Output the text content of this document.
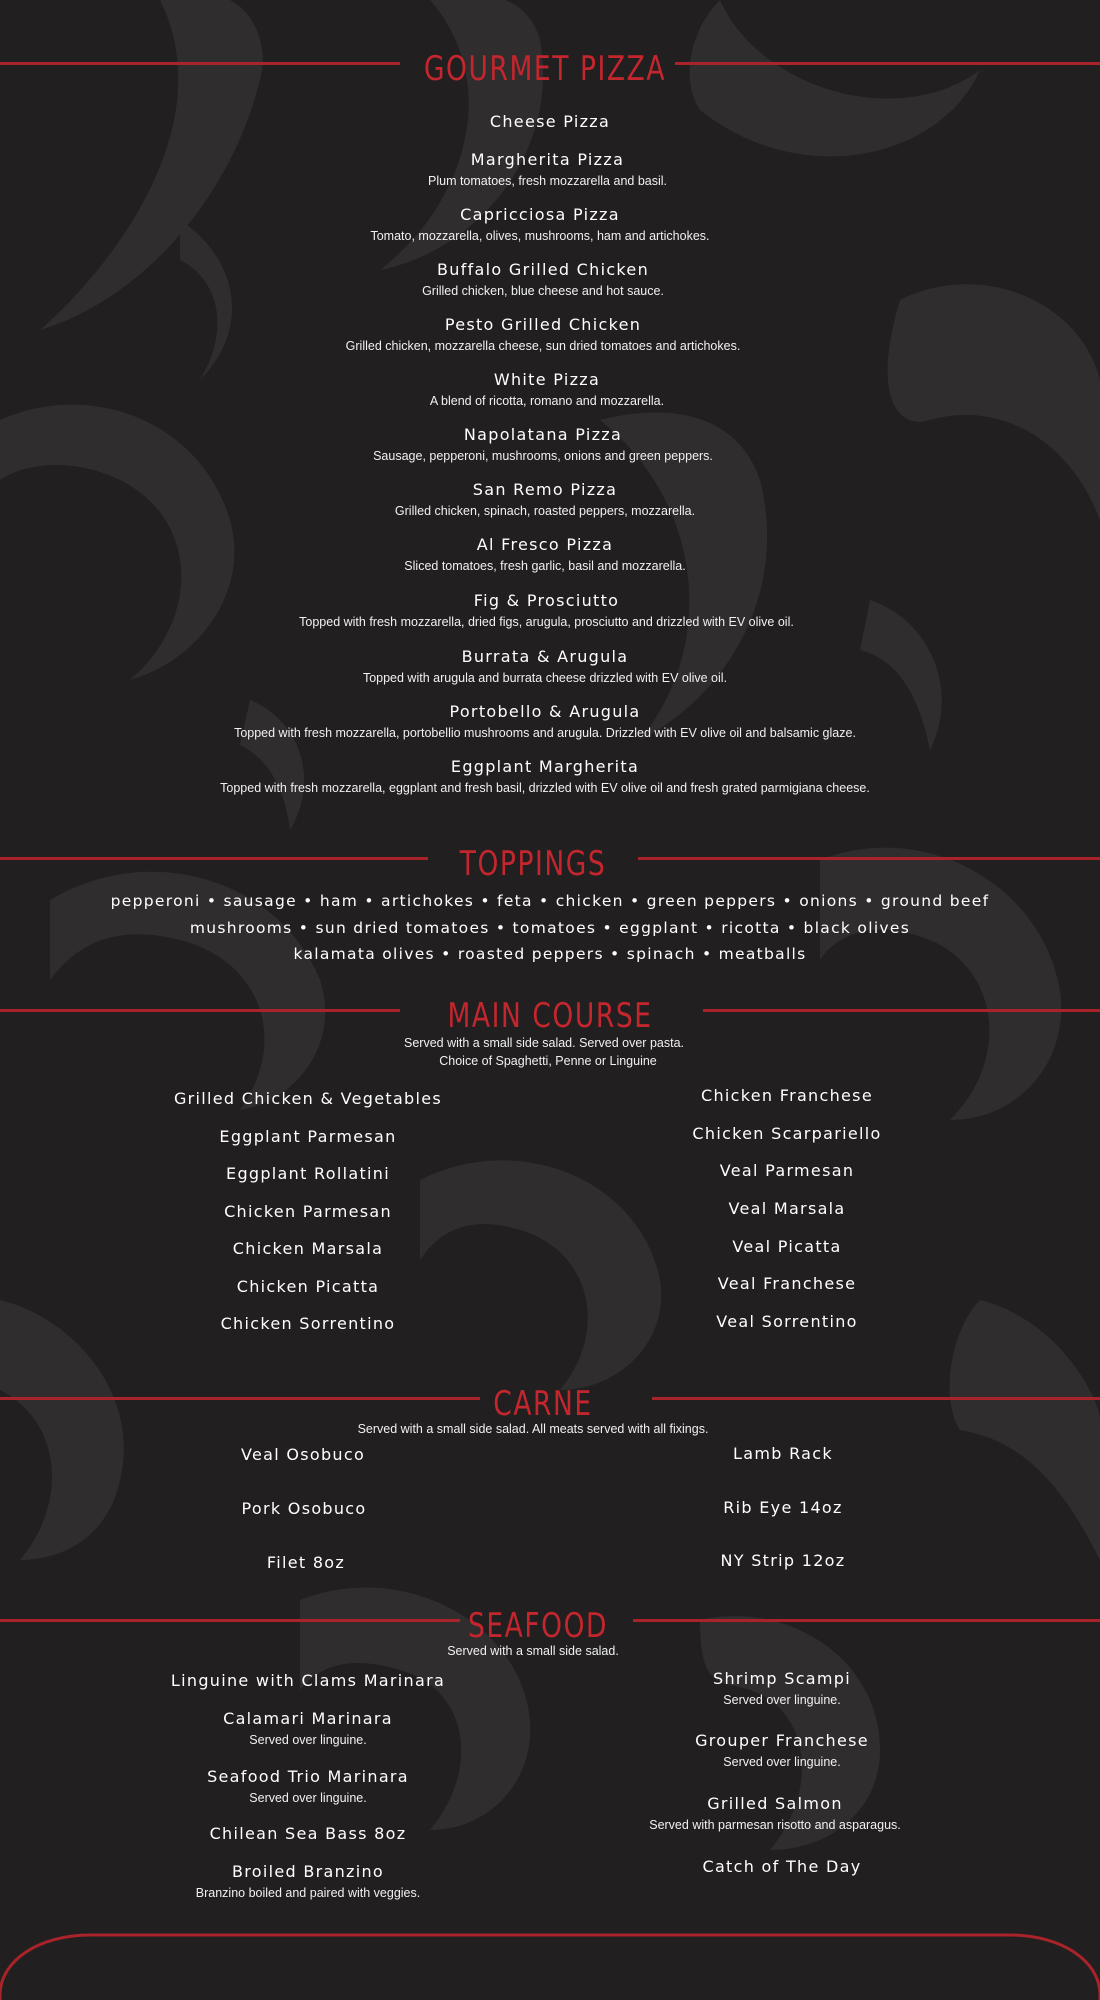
GOURMET PIZZA
Cheese Pizza
Margherita Pizza
Plum tomatoes, fresh mozzarella and basil.
Capricciosa Pizza
Tomato, mozzarella, olives, mushrooms, ham and artichokes.
Buffalo Grilled Chicken
Grilled chicken, blue cheese and hot sauce.
Pesto Grilled Chicken
Grilled chicken, mozzarella cheese, sun dried tomatoes and artichokes.
White Pizza
A blend of ricotta, romano and mozzarella.
Napolatana Pizza
Sausage, pepperoni, mushrooms, onions and green peppers.
San Remo Pizza
Grilled chicken, spinach, roasted peppers, mozzarella.
Al Fresco Pizza
Sliced tomatoes, fresh garlic, basil and mozzarella.
Fig & Prosciutto
Topped with fresh mozzarella, dried figs, arugula, prosciutto and drizzled with EV olive oil.
Burrata & Arugula
Topped with arugula and burrata cheese drizzled with EV olive oil.
Portobello & Arugula
Topped with fresh mozzarella, portobellio mushrooms and arugula. Drizzled with EV olive oil and balsamic glaze.
Eggplant Margherita
Topped with fresh mozzarella, eggplant and fresh basil, drizzled with EV olive oil and fresh grated parmigiana cheese.
TOPPINGS
pepperoni • sausage • ham • artichokes • feta • chicken • green peppers • onions • ground beef
mushrooms • sun dried tomatoes • tomatoes • eggplant • ricotta • black olives
kalamata olives • roasted peppers • spinach • meatballs
MAIN COURSE
Served with a small side salad. Served over pasta.
Choice of Spaghetti, Penne or Linguine
Grilled Chicken & Vegetables
Eggplant Parmesan
Eggplant Rollatini
Chicken Parmesan
Chicken Marsala
Chicken Picatta
Chicken Sorrentino
Chicken Franchese
Chicken Scarpariello
Veal Parmesan
Veal Marsala
Veal Picatta
Veal Franchese
Veal Sorrentino
CARNE
Served with a small side salad. All meats served with all fixings.
Veal Osobuco
Pork Osobuco
Filet 8oz
Lamb Rack
Rib Eye 14oz
NY Strip 12oz
SEAFOOD
Served with a small side salad.
Linguine with Clams Marinara
Calamari Marinara
Served over linguine.
Seafood Trio Marinara
Served over linguine.
Chilean Sea Bass 8oz
Broiled Branzino
Branzino boiled and paired with veggies.
Shrimp Scampi
Served over linguine.
Grouper Franchese
Served over linguine.
Grilled Salmon
Served with parmesan risotto and asparagus.
Catch of The Day
